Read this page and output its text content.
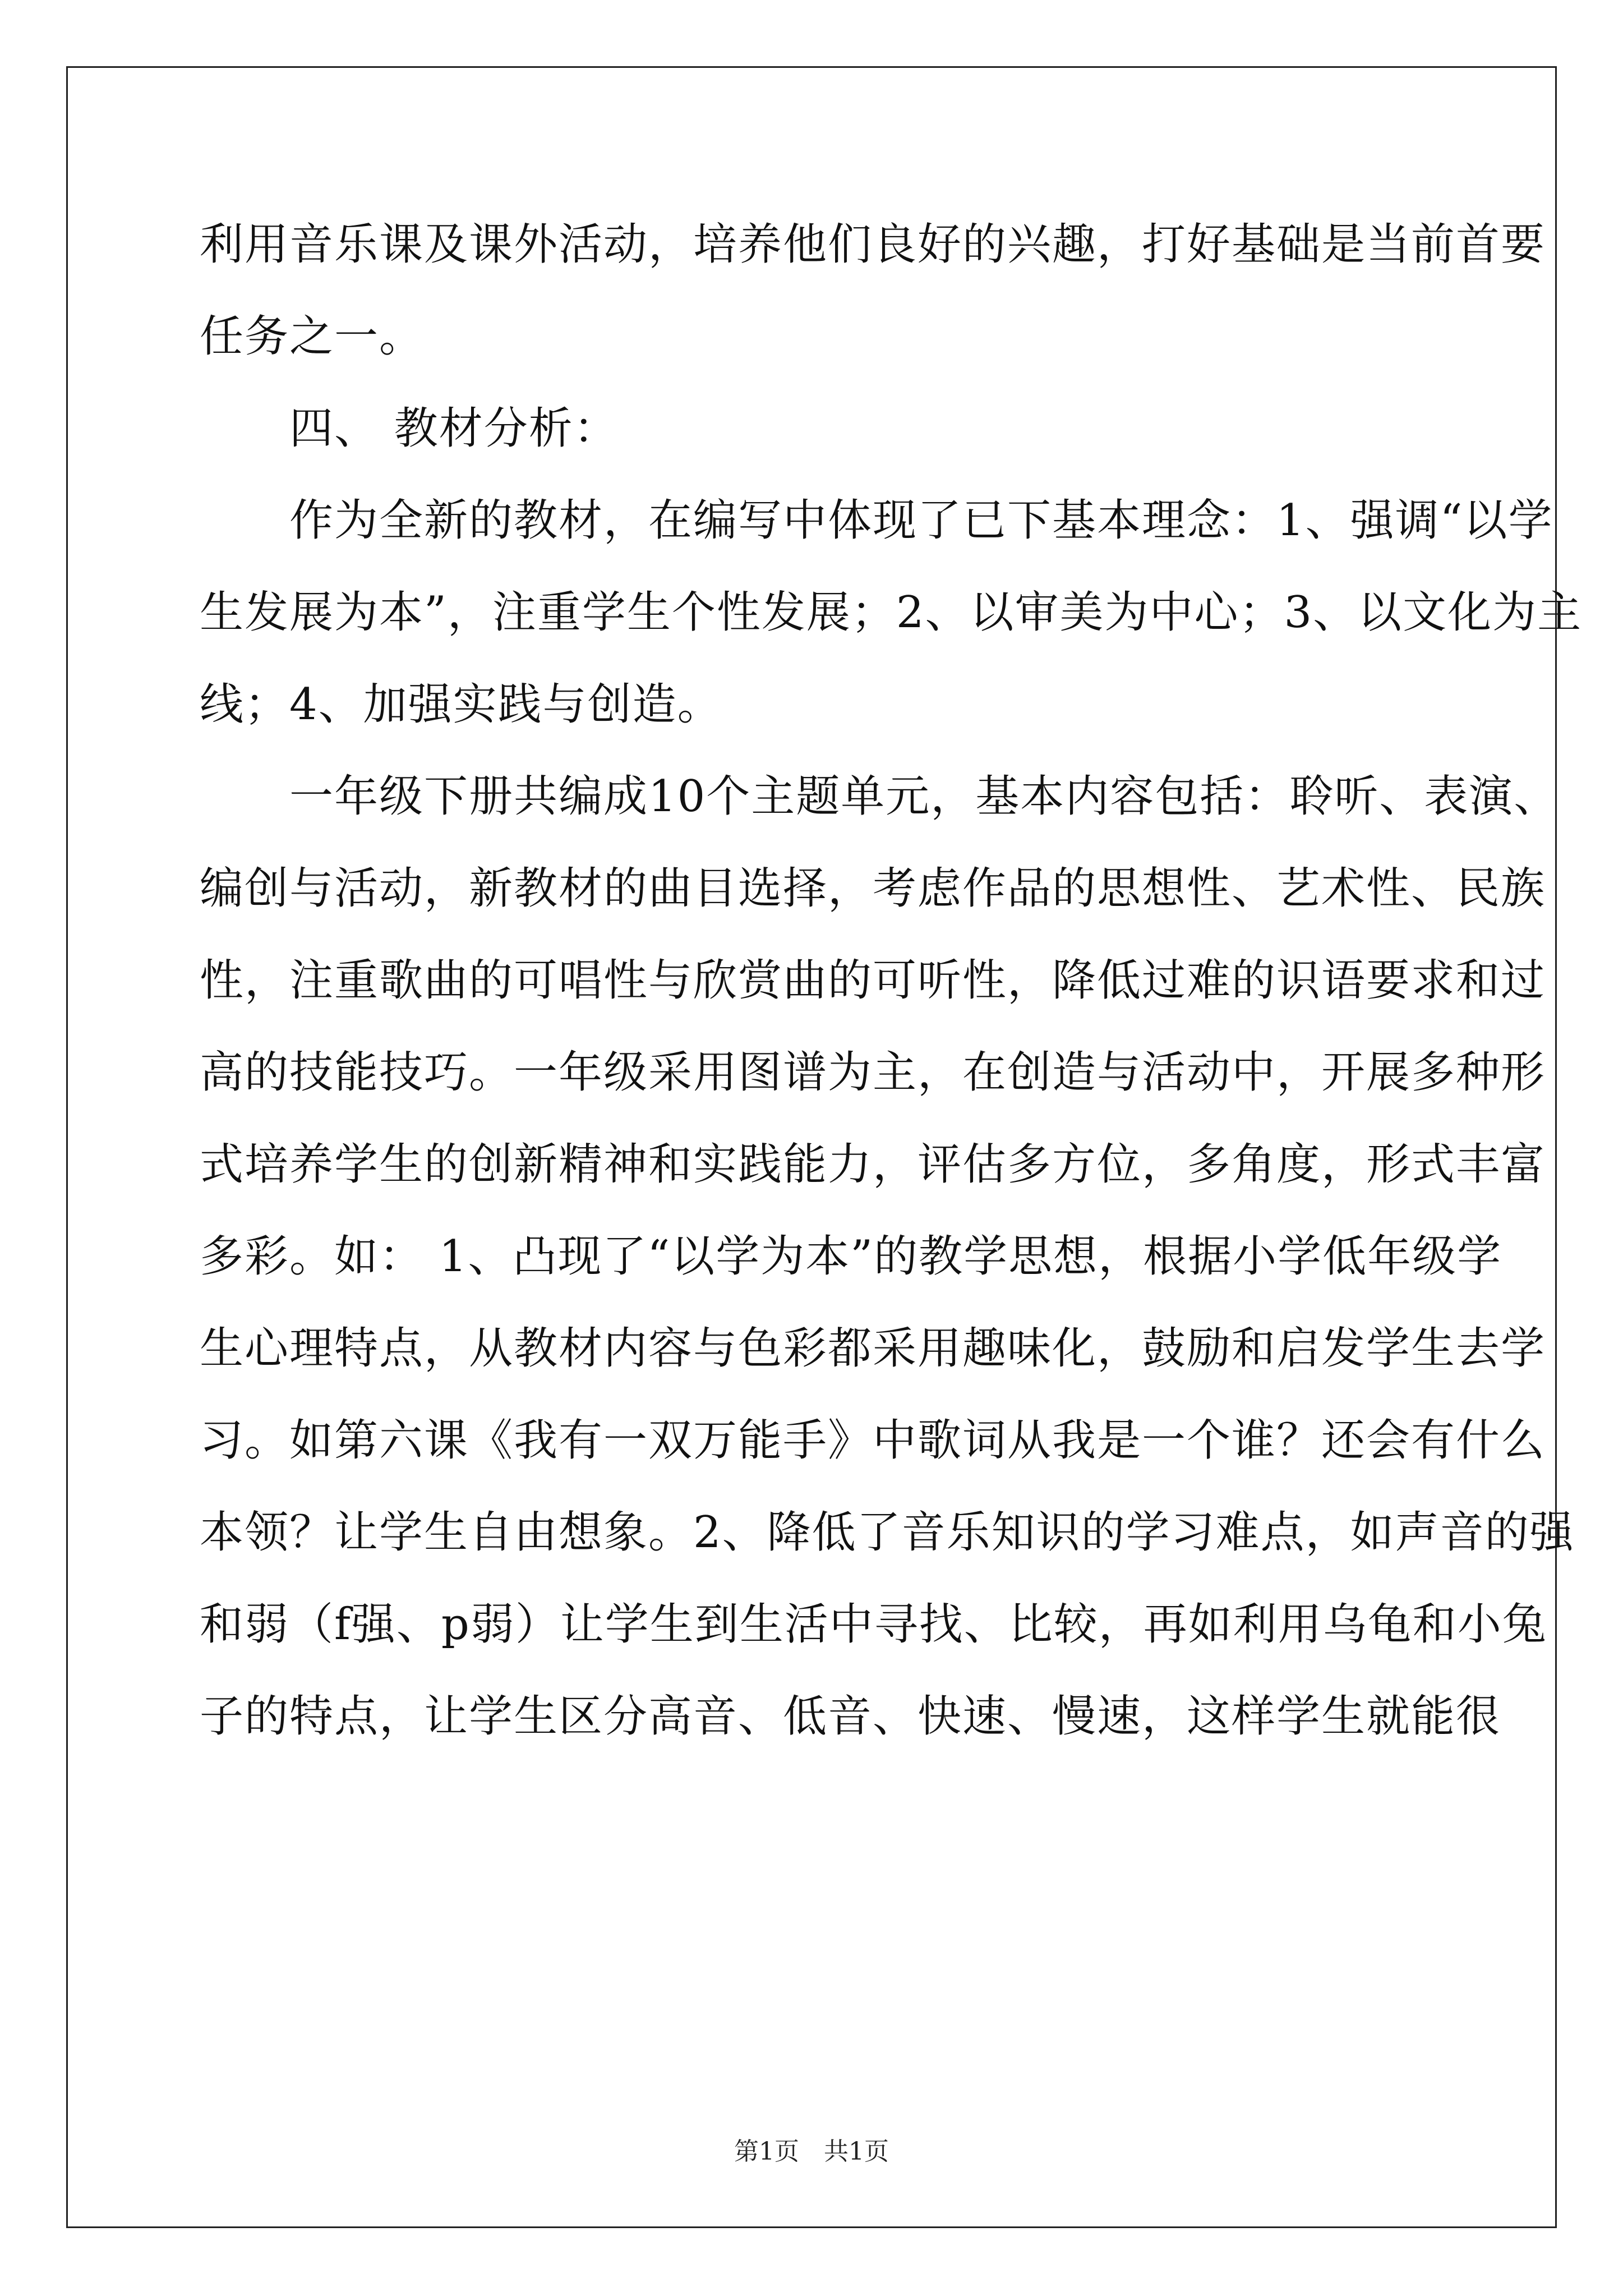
利用音乐课及课外活动，培养他们良好的兴趣，打好基础是当前首要
任务之一。
　　四、 教材分析：
　　作为全新的教材，在编写中体现了已下基本理念：1、强调“以学
生发展为本”，注重学生个性发展；2、以审美为中心；3、以文化为主
线；4、加强实践与创造。
　　一年级下册共编成10个主题单元，基本内容包括：聆听、表演、
编创与活动，新教材的曲目选择，考虑作品的思想性、艺术性、民族
性，注重歌曲的可唱性与欣赏曲的可听性，降低过难的识语要求和过
高的技能技巧。一年级采用图谱为主，在创造与活动中，开展多种形
式培养学生的创新精神和实践能力，评估多方位，多角度，形式丰富
多彩。如： 1、凸现了“以学为本”的教学思想，根据小学低年级学
生心理特点，从教材内容与色彩都采用趣味化，鼓励和启发学生去学
习。如第六课《我有一双万能手》中歌词从我是一个谁？还会有什么
本领？让学生自由想象。2、降低了音乐知识的学习难点，如声音的强
和弱（f强、p弱）让学生到生活中寻找、比较，再如利用乌龟和小兔
子的特点，让学生区分高音、低音、快速、慢速，这样学生就能很
第1页　共1页
